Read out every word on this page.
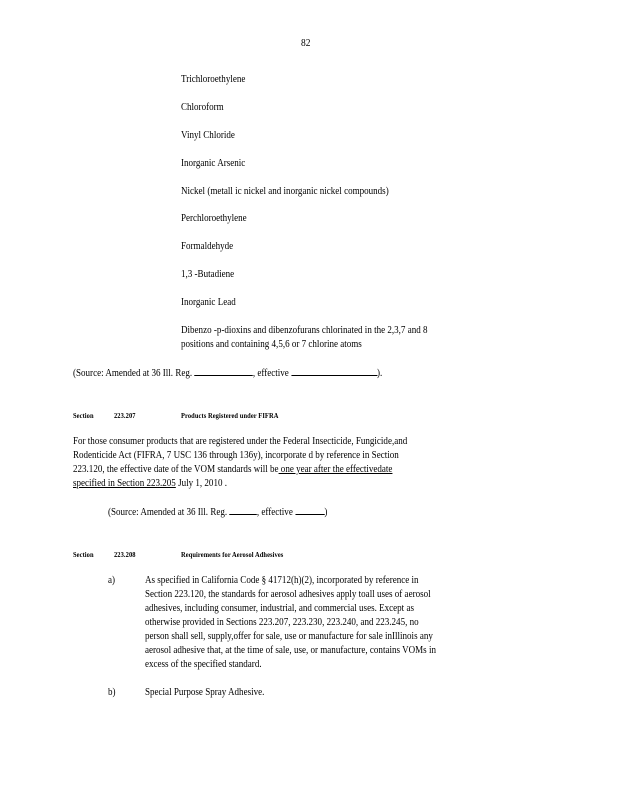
82
Trichloroethylene
Chloroform
Vinyl Chloride
Inorganic Arsenic
Nickel (metall ic nickel and inorganic nickel compounds)
Perchloroethylene
Formaldehyde
1,3 -Butadiene
Inorganic Lead
Dibenzo -p-dioxins and dibenzofurans chlorinated in the 2,3,7 and 8
positions and containing 4,5,6 or 7 chlorine atoms
(Source: Amended at 36 Ill. Reg.	, effective	).
Section	223.207	Products Registered under FIFRA
For those consumer products that are registered under the Federal Insecticide, Fungicide,and
Rodenticide Act (FIFRA, 7 USC 136 through 136y), incorporate d by reference in Section
223.120, the effective date of the VOM standards will be one year after the effectivedate
specified in Section 223.205 July 1, 2010 .
(Source: Amended at 36 Ill. Reg.	, effective	)
Section	223.208	Requirements for Aerosol Adhesives
a)	As specified in California Code § 41712(h)(2), incorporated by reference in
Section 223.120, the standards for aerosol adhesives apply toall uses of aerosol
adhesives, including consumer, industrial, and commercial uses. Except as
otherwise provided in Sections 223.207, 223.230, 223.240, and 223.245, no
person shall sell, supply,offer for sale, use or manufacture for sale inIllinois any
aerosol adhesive that, at the time of sale, use, or manufacture, contains VOMs in
excess of the specified standard.
b)	Special Purpose Spray Adhesive.
